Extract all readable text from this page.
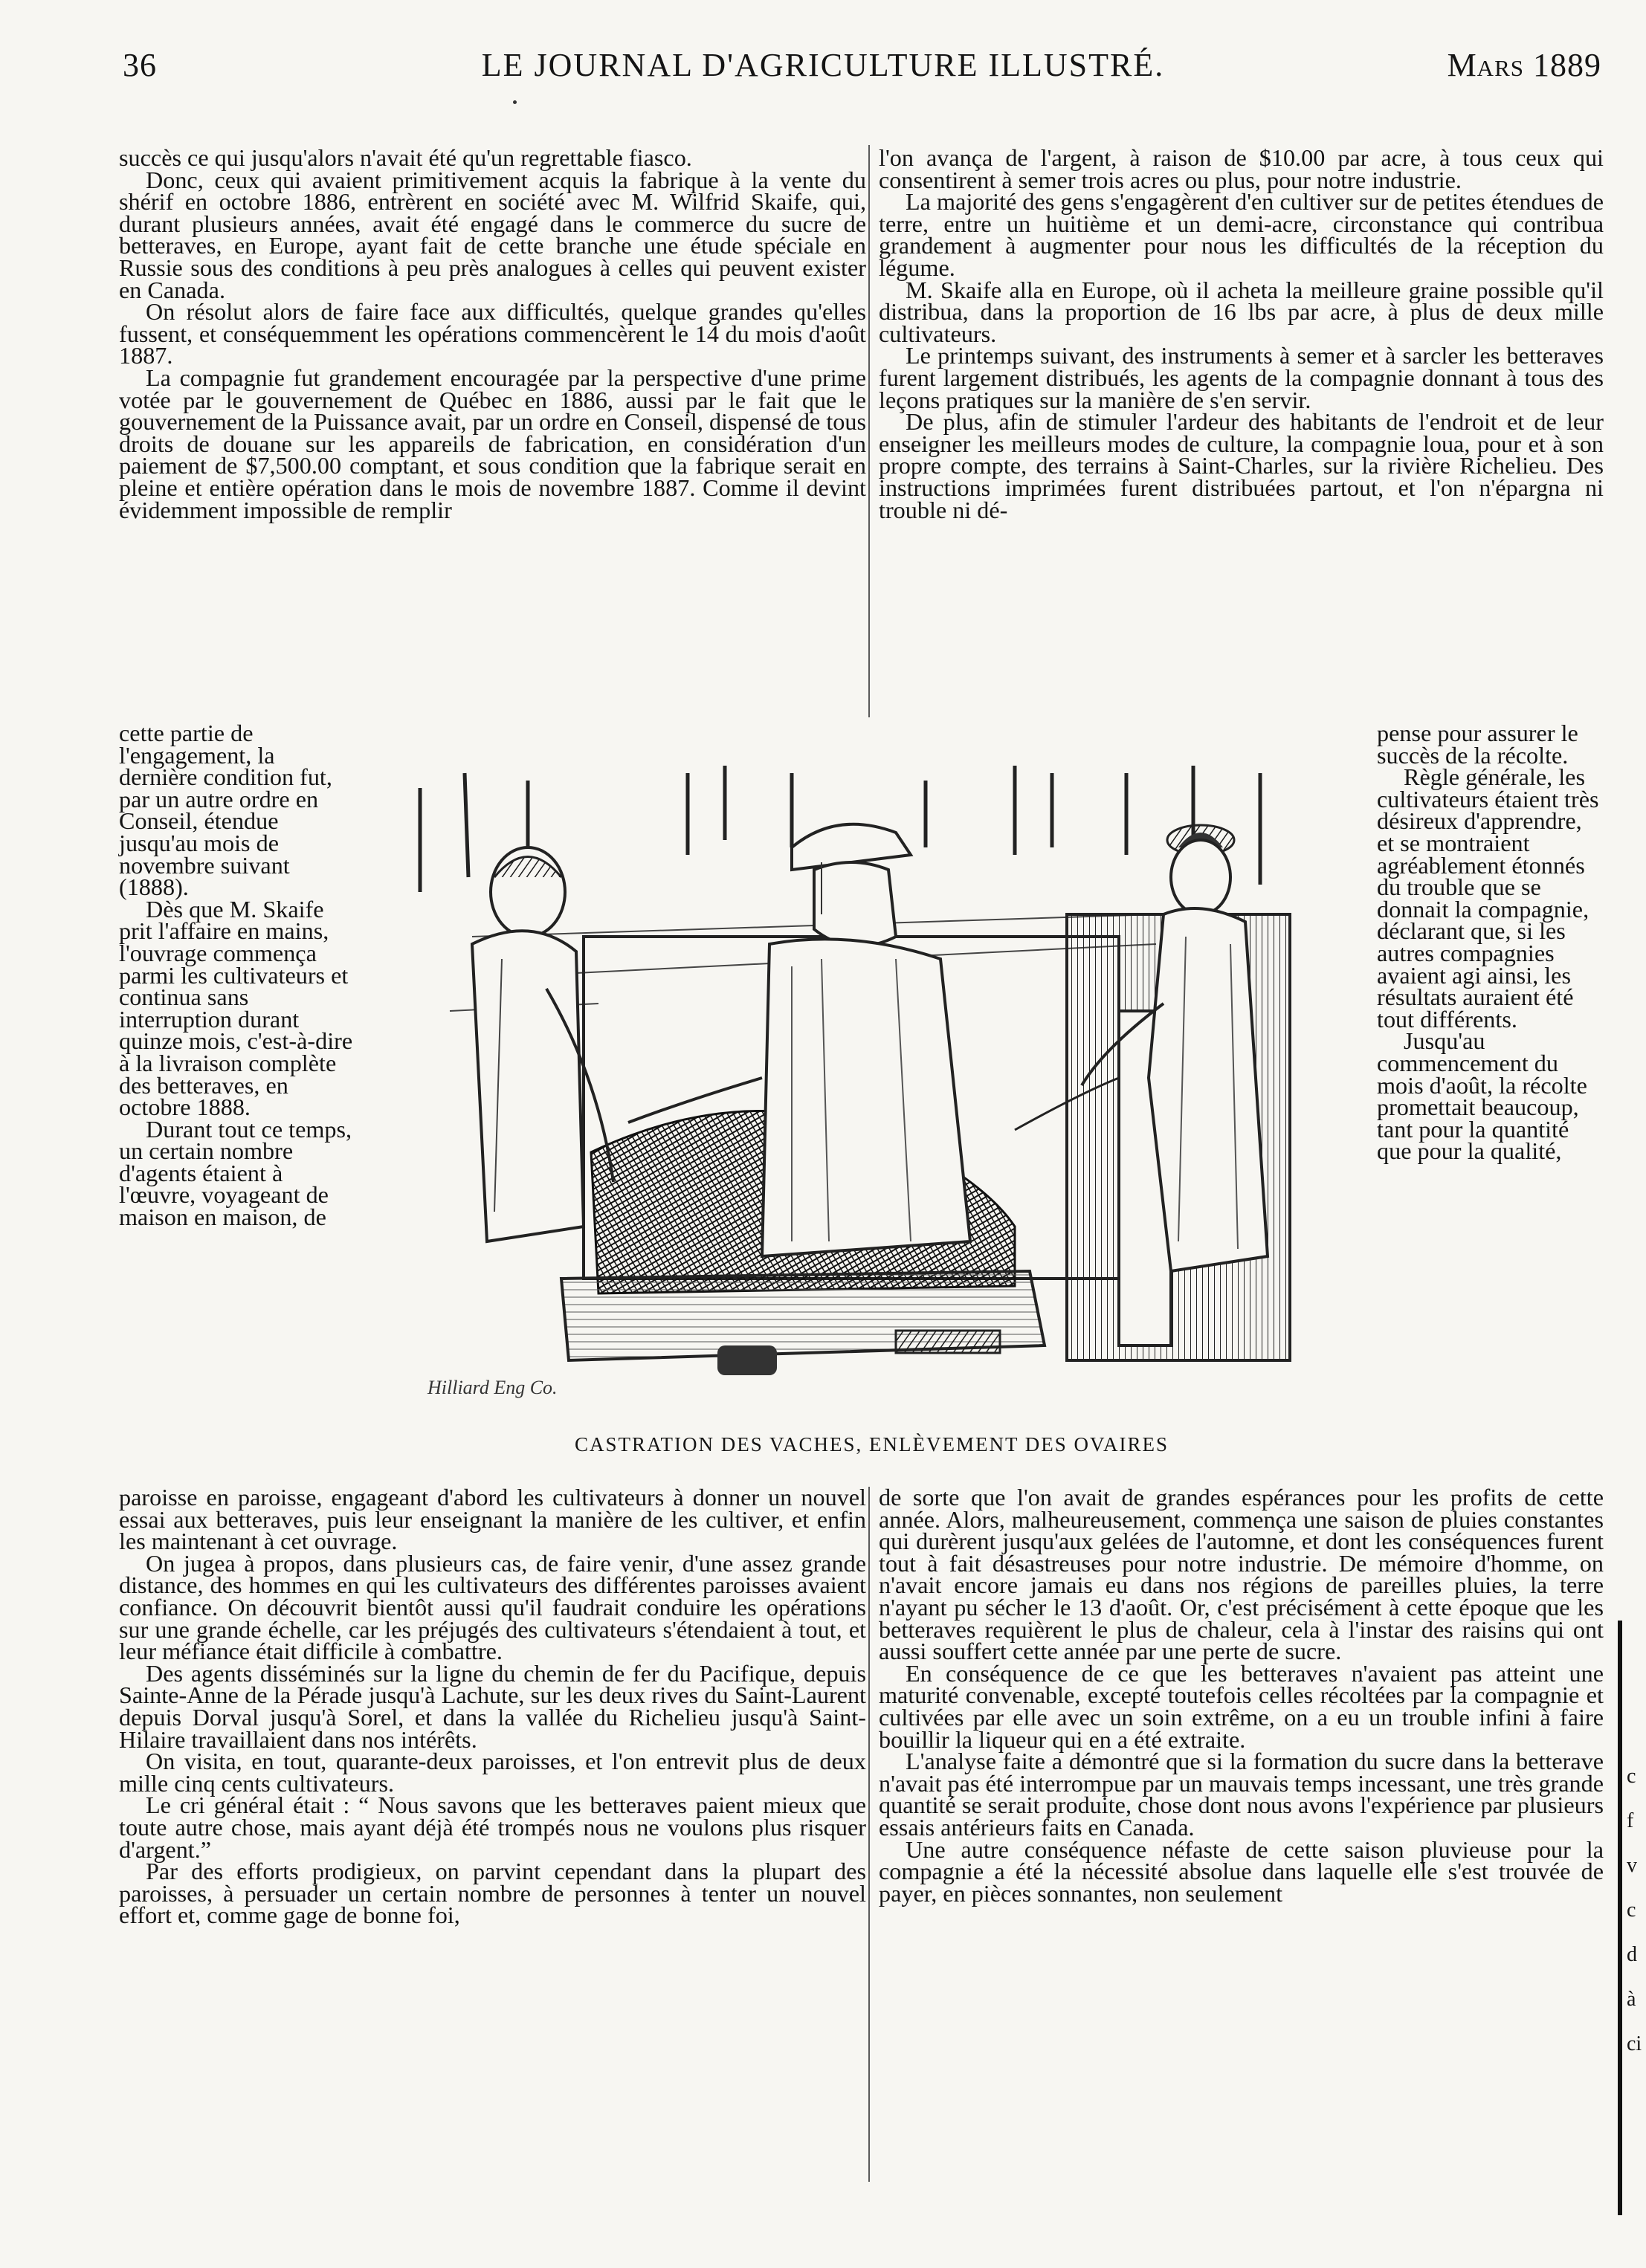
36	LE JOURNAL D'AGRICULTURE ILLUSTRÉ.	Mars 1889

succès ce qui jusqu'alors n'avait été qu'un regrettable fiasco.

Donc, ceux qui avaient primitivement acquis la fabrique à la vente du shérif en octobre 1886, entrèrent en société avec M. Wilfrid Skaife, qui, durant plusieurs années, avait été engagé dans le commerce du sucre de betteraves, en Europe, ayant fait de cette branche une étude spéciale en Russie sous des conditions à peu près analogues à celles qui peuvent exister en Canada.

On résolut alors de faire face aux difficultés, quelque grandes qu'elles fussent, et conséquemment les opérations commencèrent le 14 du mois d'août 1887.

La compagnie fut grandement encouragée par la perspective d'une prime votée par le gouvernement de Québec en 1886, aussi par le fait que le gouvernement de la Puissance avait, par un ordre en Conseil, dispensé de tous droits de douane sur les appareils de fabrication, en considération d'un paiement de $7,500.00 comptant, et sous condition que la fabrique serait en pleine et entière opération dans le mois de novembre 1887. Comme il devint évidemment impossible de remplir

l'on avança de l'argent, à raison de $10.00 par acre, à tous ceux qui consentirent à semer trois acres ou plus, pour notre industrie.

La majorité des gens s'engagèrent d'en cultiver sur de petites étendues de terre, entre un huitième et un demi-acre, circonstance qui contribua grandement à augmenter pour nous les difficultés de la réception du légume.

M. Skaife alla en Europe, où il acheta la meilleure graine possible qu'il distribua, dans la proportion de 16 lbs par acre, à plus de deux mille cultivateurs.

Le printemps suivant, des instruments à semer et à sarcler les betteraves furent largement distribués, les agents de la compagnie donnant à tous des leçons pratiques sur la manière de s'en servir.

De plus, afin de stimuler l'ardeur des habitants de l'endroit et de leur enseigner les meilleurs modes de culture, la compagnie loua, pour et à son propre compte, des terrains à Saint-Charles, sur la rivière Richelieu. Des instructions imprimées furent distribuées partout, et l'on n'épargna ni trouble ni dé-

cette partie de l'engagement, la dernière condition fut, par un autre ordre en Conseil, étendue jusqu'au mois de novembre suivant (1888).

Dès que M. Skaife prit l'affaire en mains, l'ouvrage commença parmi les cultivateurs et continua sans interruption durant quinze mois, c'est-à-dire à la livraison complète des betteraves, en octobre 1888.

Durant tout ce temps, un certain nombre d'agents étaient à l'œuvre, voyageant de maison en maison, de

pense pour assurer le succès de la récolte.

Règle générale, les cultivateurs étaient très désireux d'apprendre, et se montraient agréablement étonnés du trouble que se donnait la compagnie, déclarant que, si les autres compagnies avaient agi ainsi, les résultats auraient été tout différents.

Jusqu'au commencement du mois d'août, la récolte promettait beaucoup, tant pour la quantité que pour la qualité,

paroisse en paroisse, engageant d'abord les cultivateurs à donner un nouvel essai aux betteraves, puis leur enseignant la manière de les cultiver, et enfin les maintenant à cet ouvrage.

On jugea à propos, dans plusieurs cas, de faire venir, d'une assez grande distance, des hommes en qui les cultivateurs des différentes paroisses avaient confiance. On découvrit bientôt aussi qu'il faudrait conduire les opérations sur une grande échelle, car les préjugés des cultivateurs s'étendaient à tout, et leur méfiance était difficile à combattre.

Des agents disséminés sur la ligne du chemin de fer du Pacifique, depuis Sainte-Anne de la Pérade jusqu'à Lachute, sur les deux rives du Saint-Laurent depuis Dorval jusqu'à Sorel, et dans la vallée du Richelieu jusqu'à Saint-Hilaire travaillaient dans nos intérêts.

On visita, en tout, quarante-deux paroisses, et l'on entrevit plus de deux mille cinq cents cultivateurs.

Le cri général était : “ Nous savons que les betteraves paient mieux que toute autre chose, mais ayant déjà été trompés nous ne voulons plus risquer d'argent.”

Par des efforts prodigieux, on parvint cependant dans la plupart des paroisses, à persuader un certain nombre de personnes à tenter un nouvel effort et, comme gage de bonne foi,

de sorte que l'on avait de grandes espérances pour les profits de cette année. Alors, malheureusement, commença une saison de pluies constantes qui durèrent jusqu'aux gelées de l'automne, et dont les conséquences furent tout à fait désastreuses pour notre industrie. De mémoire d'homme, on n'avait encore jamais eu dans nos régions de pareilles pluies, la terre n'ayant pu sécher le 13 d'août. Or, c'est précisément à cette époque que les betteraves requièrent le plus de chaleur, cela à l'instar des raisins qui ont aussi souffert cette année par une perte de sucre.

En conséquence de ce que les betteraves n'avaient pas atteint une maturité convenable, excepté toutefois celles récoltées par la compagnie et cultivées par elle avec un soin extrême, on a eu un trouble infini à faire bouillir la liqueur qui en a été extraite.

L'analyse faite a démontré que si la formation du sucre dans la betterave n'avait pas été interrompue par un mauvais temps incessant, une très grande quantité se serait produite, chose dont nous avons l'expérience par plusieurs essais antérieurs faits en Canada.

Une autre conséquence néfaste de cette saison pluvieuse pour la compagnie a été la nécessité absolue dans laquelle elle s'est trouvée de payer, en pièces sonnantes, non seulement

Hilliard Eng Co.
CASTRATION DES VACHES, ENLÈVEMENT DES OVAIRES
c
f
v
c
d
à
ci
